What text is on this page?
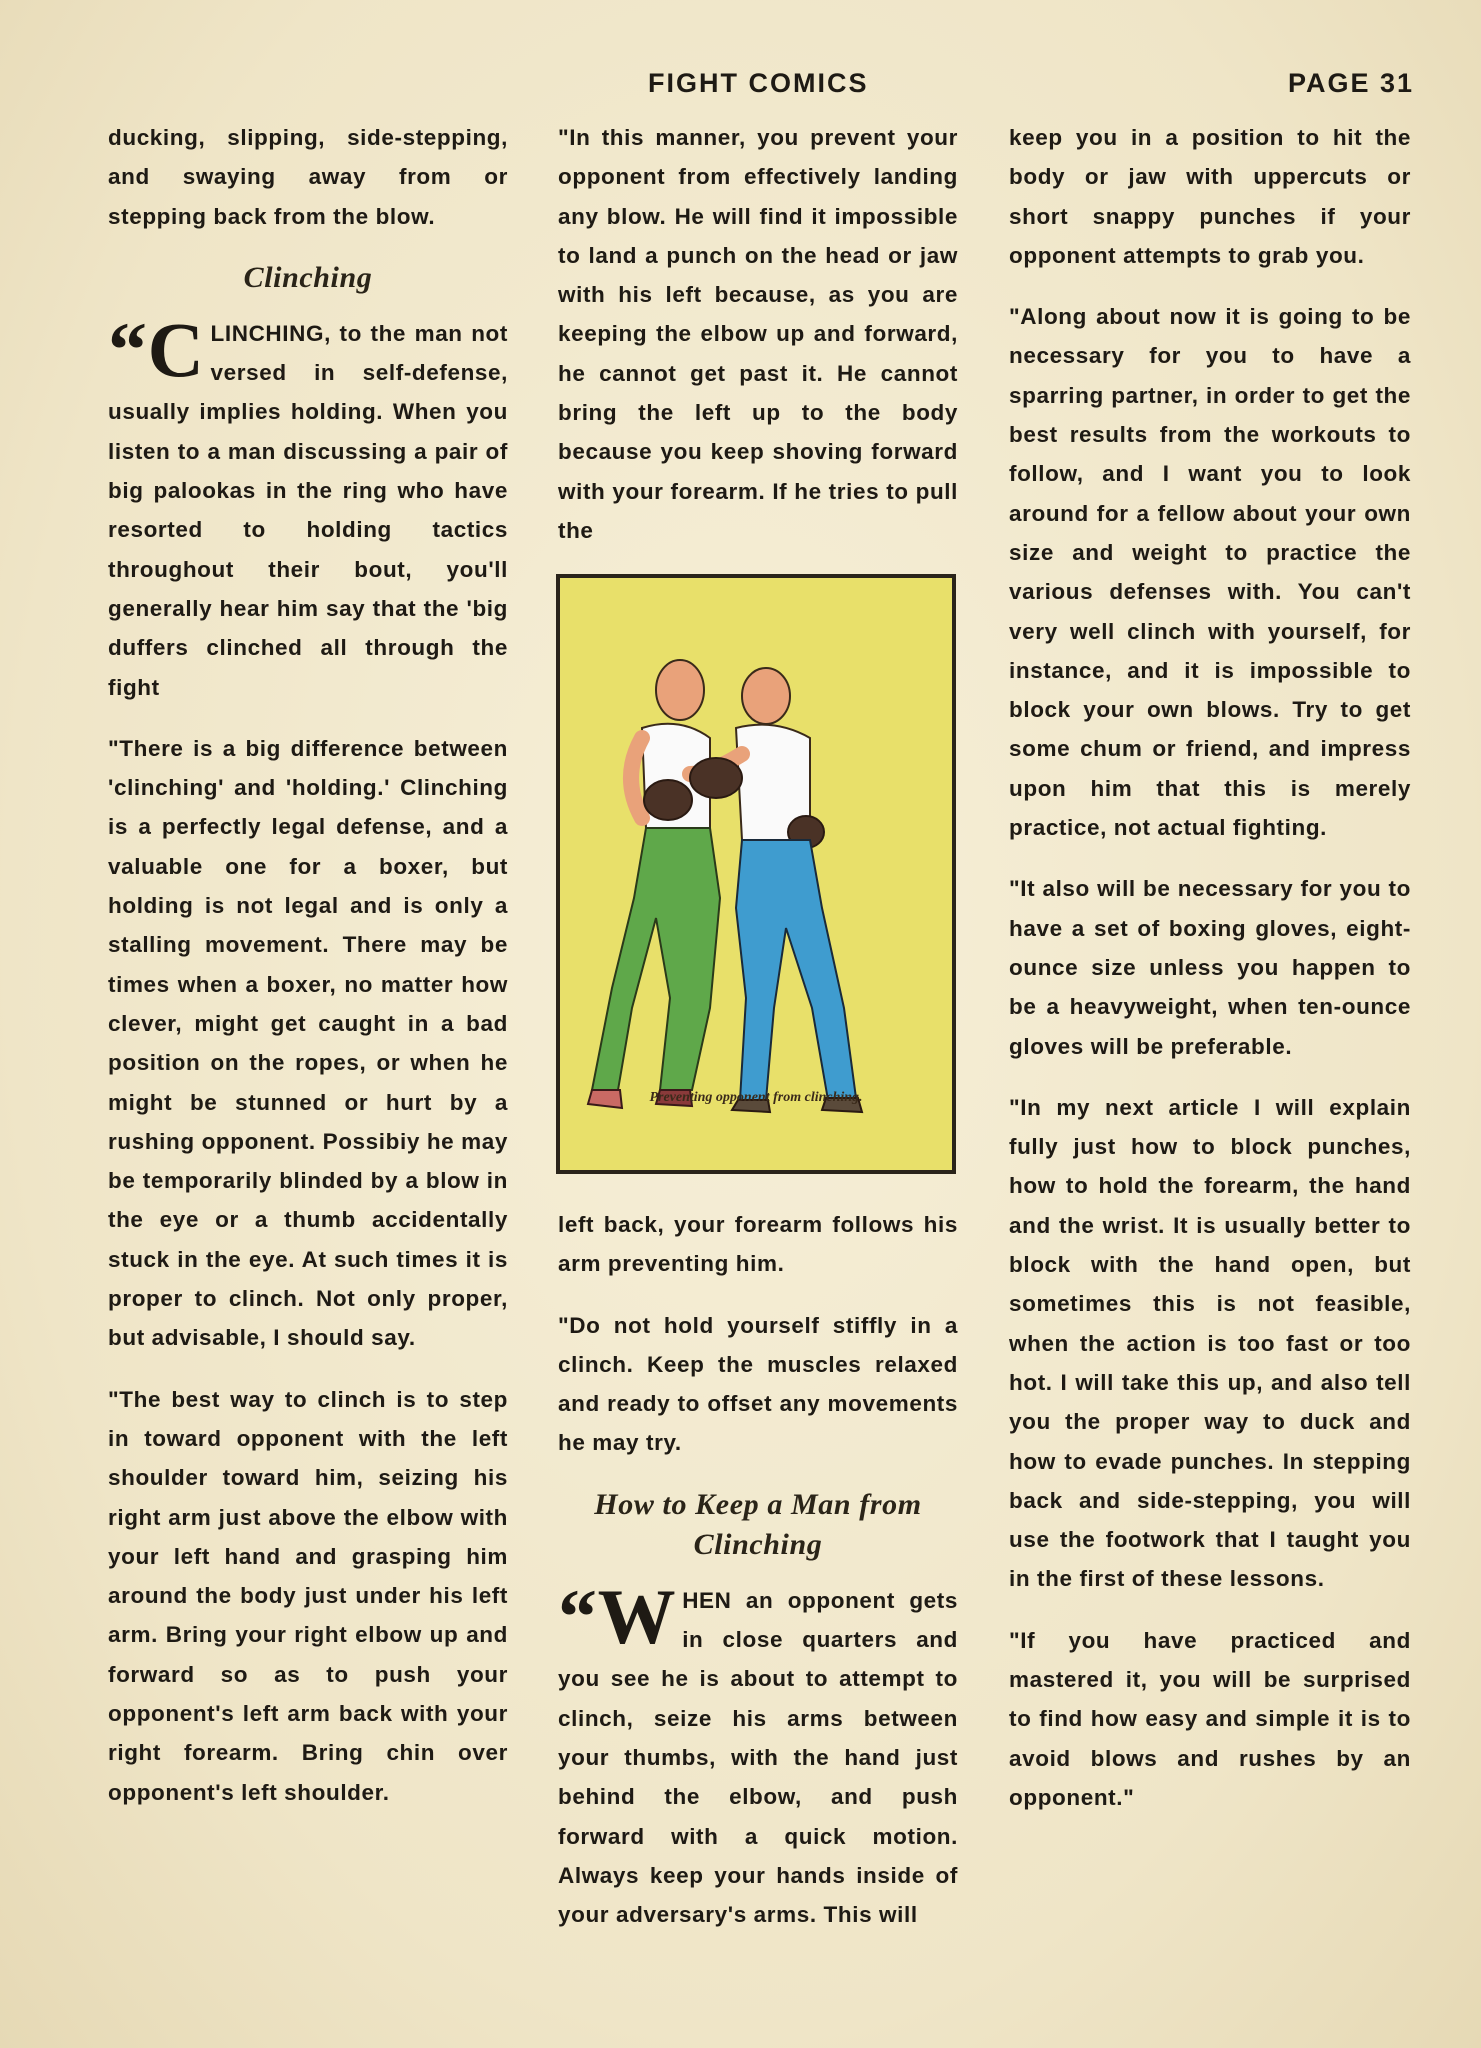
FIGHT COMICS	PAGE 31

ducking, slipping, side-stepping, and swaying away from or stepping back from the blow.

Clinching

“C LINCHING, to the man not versed in self-defense, usually implies holding. When you listen to a man discussing a pair of big palookas in the ring who have resorted to holding tactics throughout their bout, you'll generally hear him say that the 'big duffers clinched all through the fight

"There is a big difference between 'clinching' and 'holding.' Clinching is a perfectly legal defense, and a valuable one for a boxer, but holding is not legal and is only a stalling movement. There may be times when a boxer, no matter how clever, might get caught in a bad position on the ropes, or when he might be stunned or hurt by a rushing opponent. Possibiy he may be temporarily blinded by a blow in the eye or a thumb accidentally stuck in the eye. At such times it is proper to clinch. Not only proper, but advisable, I should say.

"The best way to clinch is to step in toward opponent with the left shoulder toward him, seizing his right arm just above the elbow with your left hand and grasping him around the body just under his left arm. Bring your right elbow up and forward so as to push your opponent's left arm back with your right forearm. Bring chin over opponent's left shoulder.

"In this manner, you prevent your opponent from effectively landing any blow. He will find it impossible to land a punch on the head or jaw with his left because, as you are keeping the elbow up and forward, he cannot get past it. He cannot bring the left up to the body because you keep shoving forward with your forearm. If he tries to pull the

Preventing opponent from clinching.

left back, your forearm follows his arm preventing him.

"Do not hold yourself stiffly in a clinch. Keep the muscles relaxed and ready to offset any movements he may try.

How to Keep a Man from Clinching

“W HEN an opponent gets in close quarters and you see he is about to attempt to clinch, seize his arms between your thumbs, with the hand just behind the elbow, and push forward with a quick motion. Always keep your hands inside of your adversary's arms. This will

keep you in a position to hit the body or jaw with uppercuts or short snappy punches if your opponent attempts to grab you.

"Along about now it is going to be necessary for you to have a sparring partner, in order to get the best results from the workouts to follow, and I want you to look around for a fellow about your own size and weight to practice the various defenses with. You can't very well clinch with yourself, for instance, and it is impossible to block your own blows. Try to get some chum or friend, and impress upon him that this is merely practice, not actual fighting.

"It also will be necessary for you to have a set of boxing gloves, eight-ounce size unless you happen to be a heavyweight, when ten-ounce gloves will be preferable.

"In my next article I will explain fully just how to block punches, how to hold the forearm, the hand and the wrist. It is usually better to block with the hand open, but sometimes this is not feasible, when the action is too fast or too hot. I will take this up, and also tell you the proper way to duck and how to evade punches. In stepping back and side-stepping, you will use the footwork that I taught you in the first of these lessons.

"If you have practiced and mastered it, you will be surprised to find how easy and simple it is to avoid blows and rushes by an opponent."
